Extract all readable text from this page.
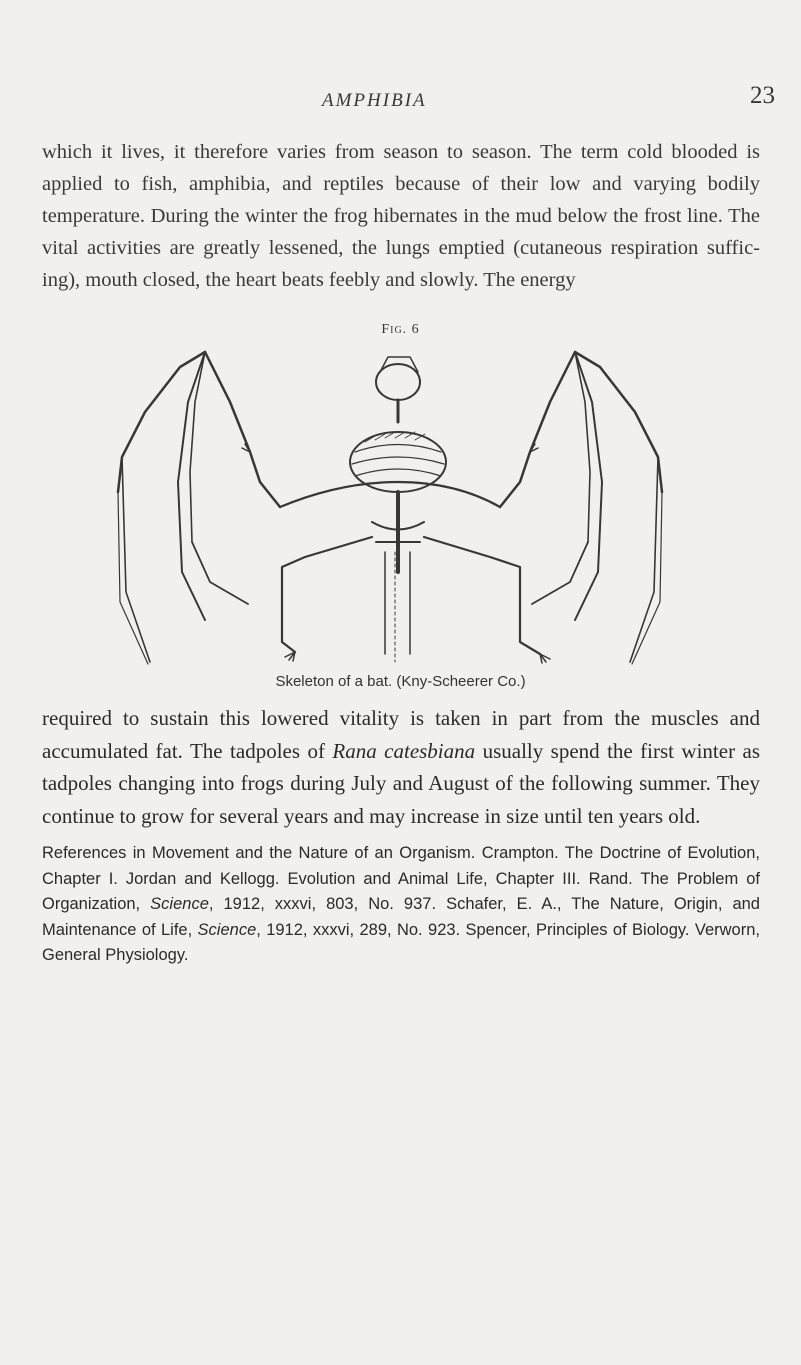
AMPHIBIA	23

which it lives, it therefore varies from season to season. The term cold blooded is applied to fish, amphibia, and reptiles because of their low and varying bodily temperature. During the winter the frog hibernates in the mud below the frost line. The vital activities are greatly lessened, the lungs emptied (cutaneous respiration suffic-ing), mouth closed, the heart beats feebly and slowly. The energy

Fig. 6
Skeleton of a bat. (Kny-Scheerer Co.)

required to sustain this lowered vitality is taken in part from the muscles and accumulated fat. The tadpoles of Rana catesbiana usually spend the first winter as tadpoles changing into frogs during July and August of the following summer. They continue to grow for several years and may increase in size until ten years old.

References in Movement and the Nature of an Organism. Crampton. The Doctrine of Evolution, Chapter I. Jordan and Kellogg. Evolution and Animal Life, Chapter III. Rand. The Problem of Organization, Science, 1912, xxxvi, 803, No. 937. Schafer, E. A., The Nature, Origin, and Maintenance of Life, Science, 1912, xxxvi, 289, No. 923. Spencer, Principles of Biology. Verworn, General Physiology.
